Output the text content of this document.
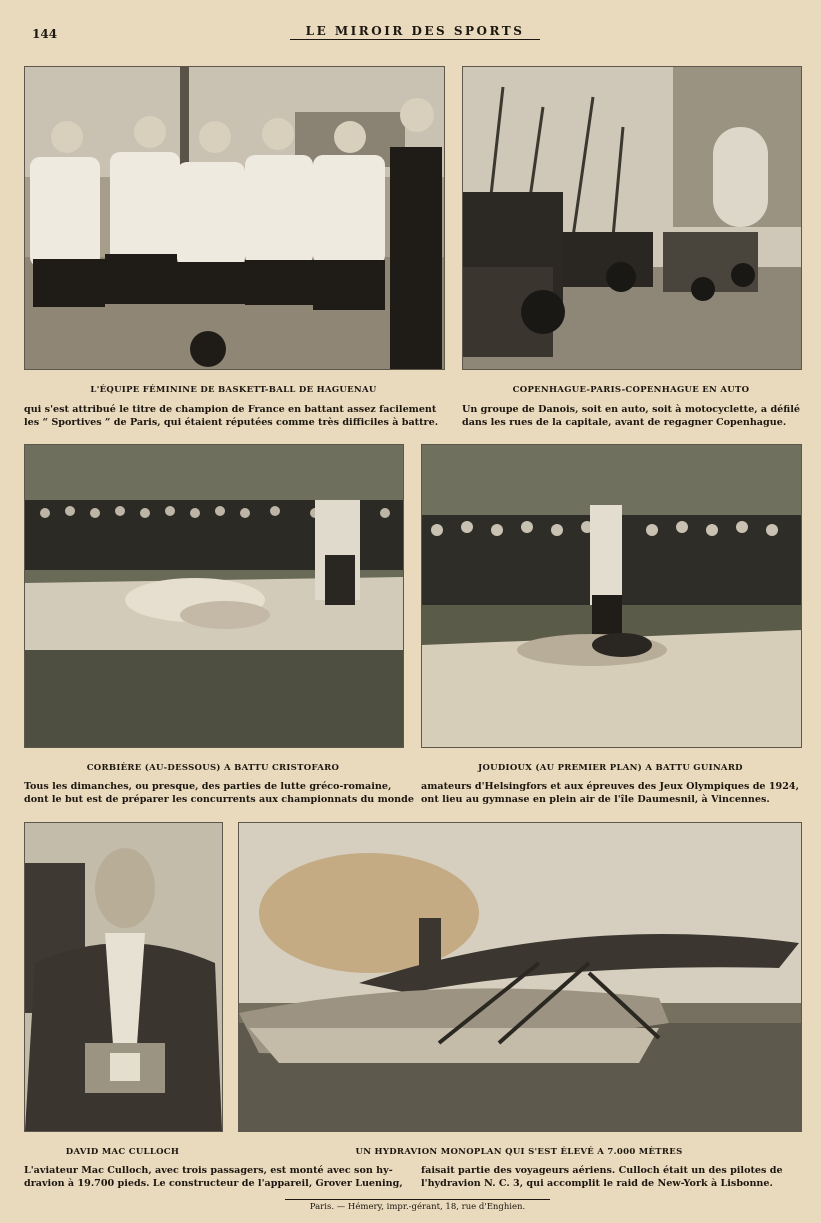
144	LE MIROIR DES SPORTS
L'ÉQUIPE FÉMININE DE BASKETT-BALL DE HAGUENAU	COPENHAGUE-PARIS-COPENHAGUE EN AUTO
qui s'est attribué le titre de champion de France en battant assez facilement
les “ Sportives ” de Paris, qui étaient réputées comme très difficiles à battre.
Un groupe de Danois, soit en auto, soit à motocyclette, a défilé
dans les rues de la capitale, avant de regagner Copenhague.
CORBIÈRE (AU-DESSOUS) A BATTU CRISTOFARO	JOUDIOUX (AU PREMIER PLAN) A BATTU GUINARD
Tous les dimanches, ou presque, des parties de lutte gréco-romaine,
dont le but est de préparer les concurrents aux championnats du monde
amateurs d'Helsingfors et aux épreuves des Jeux Olympiques de 1924,
ont lieu au gymnase en plein air de l'île Daumesnil, à Vincennes.
DAVID MAC CULLOCH	UN HYDRAVION MONOPLAN QUI S'EST ÉLEVÉ A 7.000 MÈTRES
L'aviateur Mac Culloch, avec trois passagers, est monté avec son hy-
dravion à 19.700 pieds. Le constructeur de l'appareil, Grover Luening,
faisait partie des voyageurs aériens. Culloch était un des pilotes de
l'hydravion N. C. 3, qui accomplit le raid de New-York à Lisbonne.
Paris. — Hémery, impr.-gérant, 18, rue d'Enghien.
